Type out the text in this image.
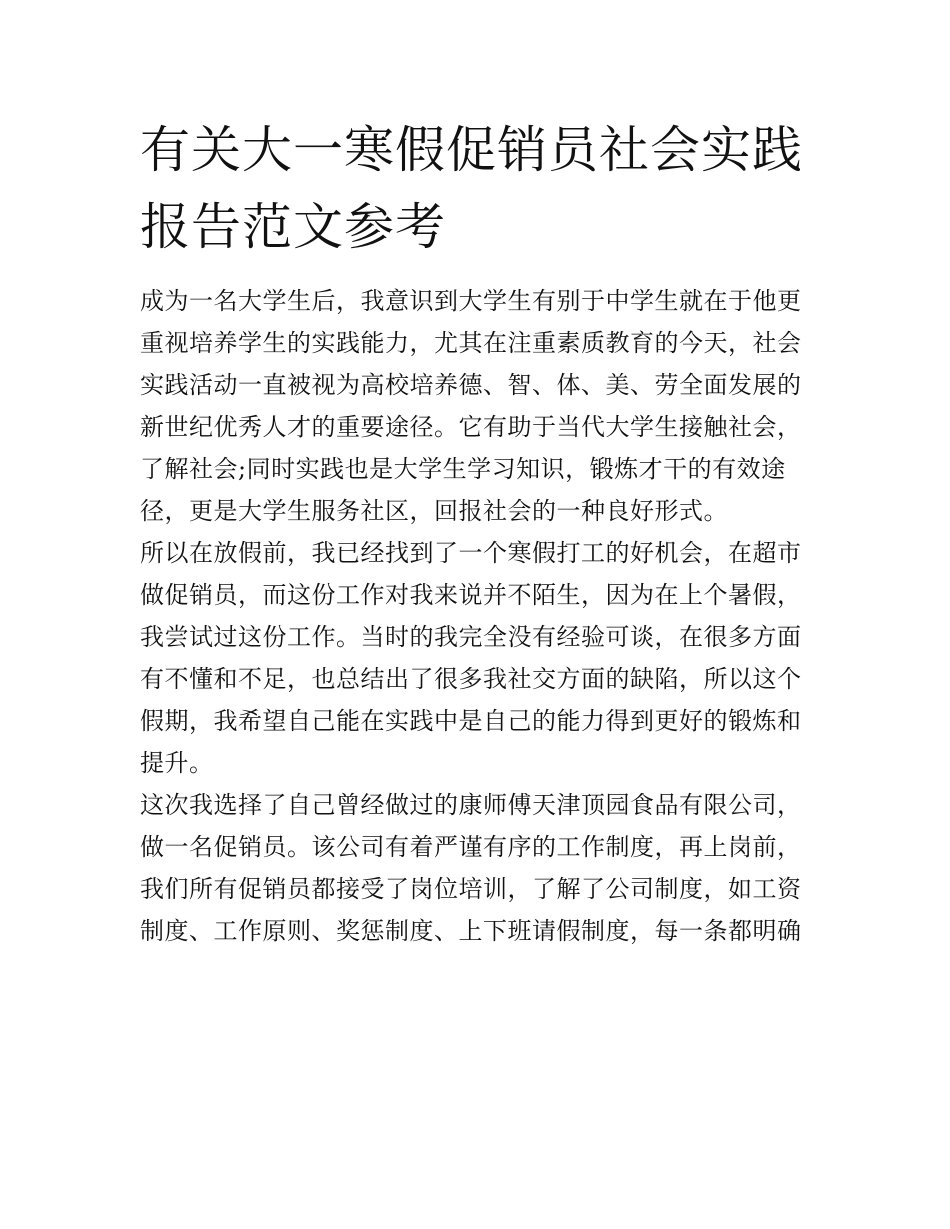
有关大一寒假促销员社会实践
报告范文参考
成为一名大学生后，我意识到大学生有别于中学生就在于他更
重视培养学生的实践能力，尤其在注重素质教育的今天，社会
实践活动一直被视为高校培养德、智、体、美、劳全面发展的
新世纪优秀人才的重要途径。它有助于当代大学生接触社会，
了解社会;同时实践也是大学生学习知识，锻炼才干的有效途
径，更是大学生服务社区，回报社会的一种良好形式。
所以在放假前，我已经找到了一个寒假打工的好机会，在超市
做促销员，而这份工作对我来说并不陌生，因为在上个暑假，
我尝试过这份工作。当时的我完全没有经验可谈，在很多方面
有不懂和不足，也总结出了很多我社交方面的缺陷，所以这个
假期，我希望自己能在实践中是自己的能力得到更好的锻炼和
提升。
这次我选择了自己曾经做过的康师傅天津顶园食品有限公司，
做一名促销员。该公司有着严谨有序的工作制度，再上岗前，
我们所有促销员都接受了岗位培训，了解了公司制度，如工资
制度、工作原则、奖惩制度、上下班请假制度，每一条都明确
